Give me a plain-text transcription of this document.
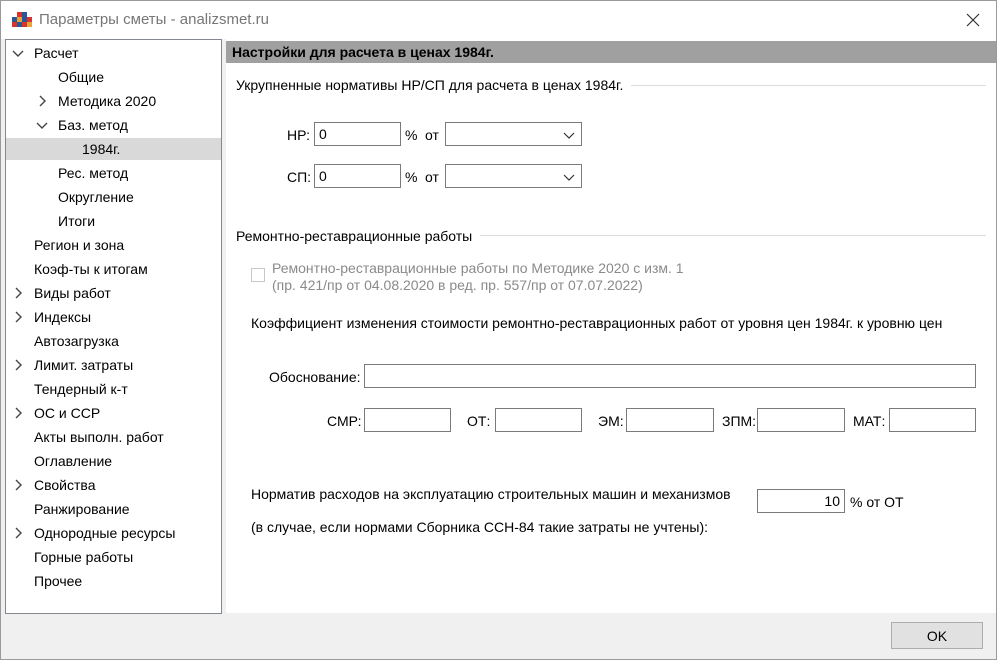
Параметры сметы - analizsmet.ru
Расчет
Общие
Методика 2020
Баз. метод
1984г.
Рес. метод
Округление
Итоги
Регион и зона
Коэф-ты к итогам
Виды работ
Индексы
Автозагрузка
Лимит. затраты
Тендерный к-т
ОС и ССР
Акты выполн. работ
Оглавление
Свойства
Ранжирование
Однородные ресурсы
Горные работы
Прочее
Настройки для расчета в ценах 1984г.
Укрупненные нормативы НР/СП для расчета в ценах 1984г.
НР:
0	% от
СП:
0	% от
Ремонтно-реставрационные работы
Ремонтно-реставрационные работы по Методике 2020 с изм. 1
(пр. 421/пр от 04.08.2020 в ред. пр. 557/пр от 07.07.2022)
Коэффициент изменения стоимости ремонтно-реставрационных работ от уровня цен 1984г. к уровню цен
Обоснование:
СМР:	ОТ:	ЭМ:	ЗПМ:	МАТ:
Норматив расходов на эксплуатацию строительных машин и механизмов
(в случае, если нормами Сборника ССН-84 такие затраты не учтены):
10
% от ОТ
OK
